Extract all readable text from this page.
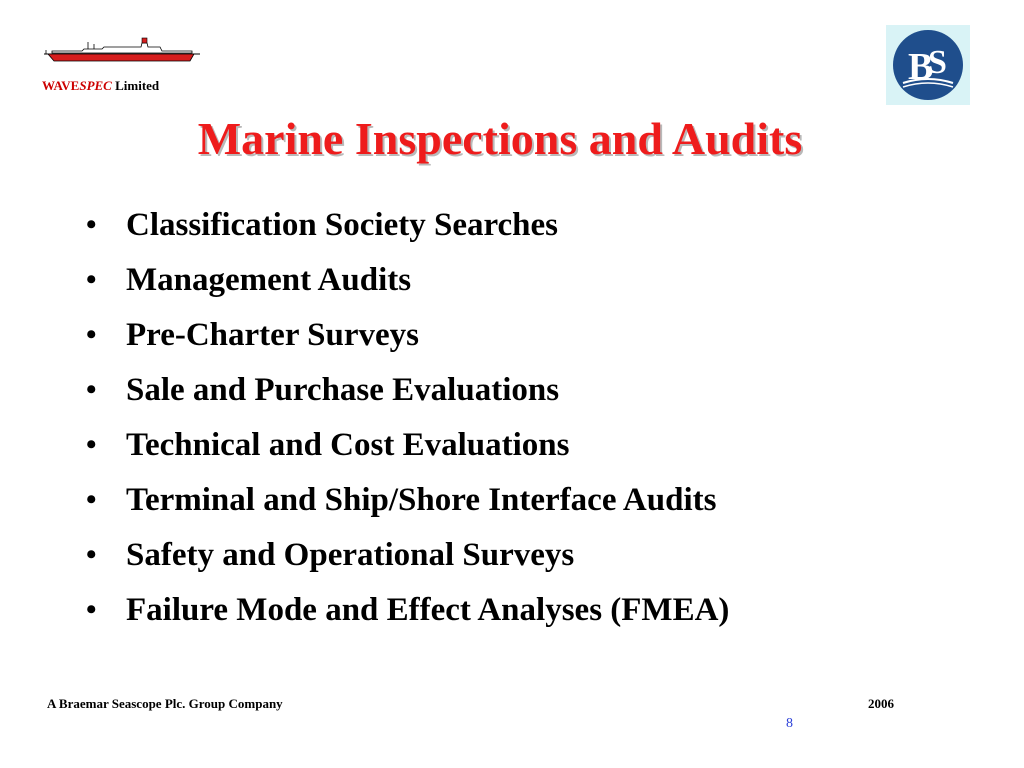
WAVESPEC Limited	B
S
Marine Inspections and Audits
• Classification Society Searches
• Management Audits
• Pre-Charter Surveys
• Sale and Purchase Evaluations
• Technical and Cost Evaluations
• Terminal and Ship/Shore Interface Audits
• Safety and Operational Surveys
• Failure Mode and Effect Analyses (FMEA)
A Braemar Seascope Plc. Group Company	2006
8
